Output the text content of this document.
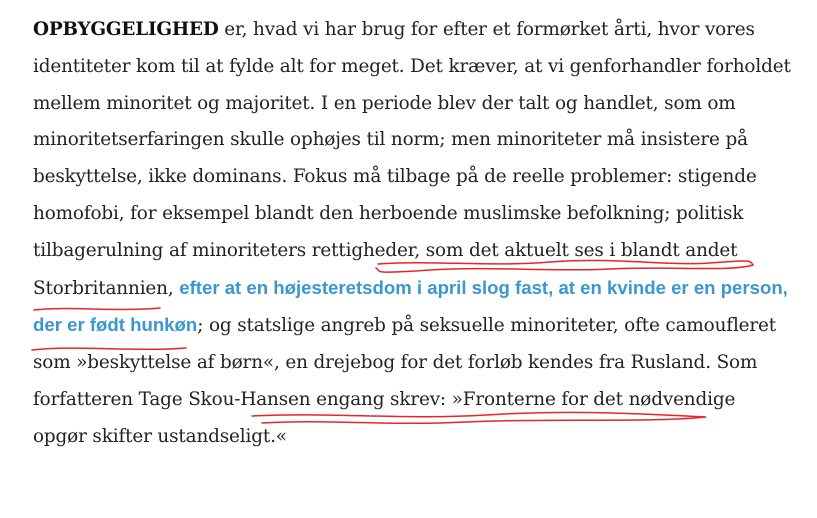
OPBYGGELIGHED er, hvad vi har brug for efter et formørket årti, hvor vores identiteter kom til at fylde alt for meget. Det kræver, at vi genforhandler forholdet mellem minoritet og majoritet. I en periode blev der talt og handlet, som om minoritetserfaringen skulle ophøjes til norm; men minoriteter må insistere på beskyttelse, ikke dominans. Fokus må tilbage på de reelle problemer: stigende homofobi, for eksempel blandt den herboende muslimske befolkning; politisk tilbagerulning af minoriteters rettigheder, som det aktuelt ses i blandt andet Storbritannien, efter at en højesteretsdom i april slog fast, at en kvinde er en person, der er født hunkøn; og statslige angreb på seksuelle minoriteter, ofte camoufleret som »beskyttelse af børn«, en drejebog for det forløb kendes fra Rusland. Som forfatteren Tage Skou-Hansen engang skrev: »Fronterne for det nødvendige opgør skifter ustandseligt.«
